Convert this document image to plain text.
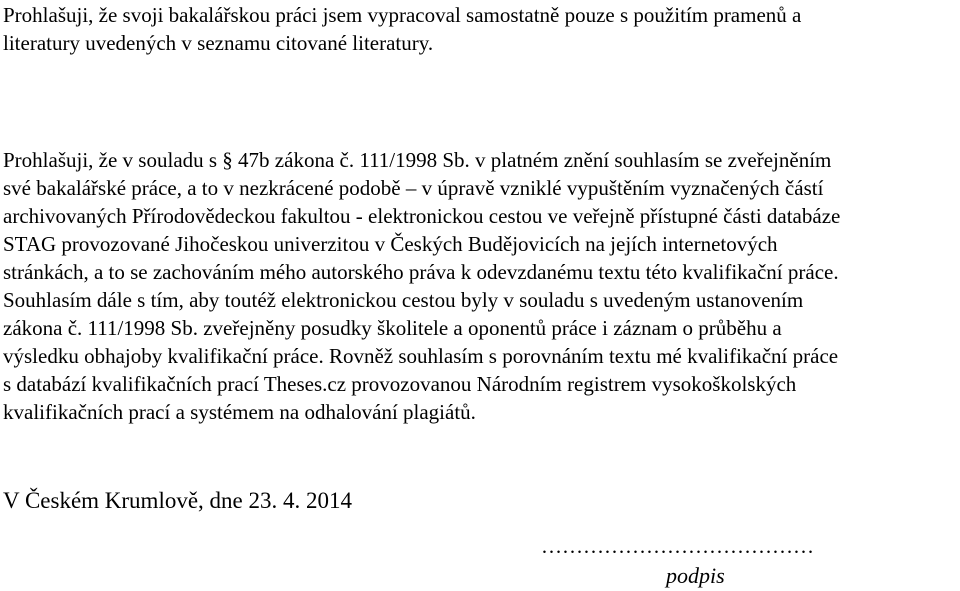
Prohlašuji, že svoji bakalářskou práci jsem vypracoval samostatně pouze s použitím pramenů a
literatury uvedených v seznamu citované literatury.

Prohlašuji, že v souladu s § 47b zákona č. 111/1998 Sb. v platném znění souhlasím se zveřejněním
své bakalářské práce, a to v nezkrácené podobě – v úpravě vzniklé vypuštěním vyznačených částí
archivovaných Přírodovědeckou fakultou - elektronickou cestou ve veřejně přístupné části databáze
STAG provozované Jihočeskou univerzitou v Českých Budějovicích na jejích internetových
stránkách, a to se zachováním mého autorského práva k odevzdanému textu této kvalifikační práce.
Souhlasím dále s tím, aby toutéž elektronickou cestou byly v souladu s uvedeným ustanovením
zákona č. 111/1998 Sb. zveřejněny posudky školitele a oponentů práce i záznam o průběhu a
výsledku obhajoby kvalifikační práce. Rovněž souhlasím s porovnáním textu mé kvalifikační práce
s databází kvalifikačních prací Theses.cz provozovanou Národním registrem vysokoškolských
kvalifikačních prací a systémem na odhalování plagiátů.

V Českém Krumlově, dne 23. 4. 2014
…………………………………
podpis
